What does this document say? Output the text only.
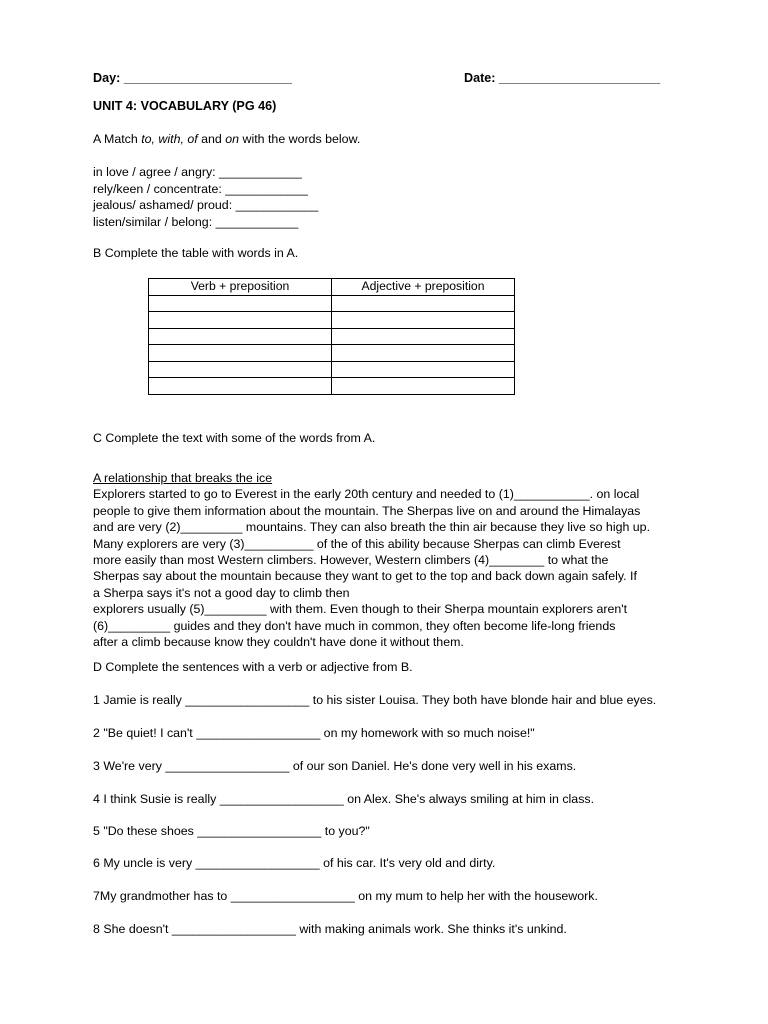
Day: ________________________	Date: _______________________
UNIT 4: VOCABULARY (PG 46)
A Match to, with, of and on with the words below.
in love / agree / angry: ____________
rely/keen / concentrate: ____________
jealous/ ashamed/ proud: ____________
listen/similar / belong: ____________
B Complete the table with words in A.
Verb + preposition	Adjective + preposition

C Complete the text with some of the words from A.
A relationship that breaks the ice
Explorers started to go to Everest in the early 20th century and needed to (1)___________. on local
people to give them information about the mountain. The Sherpas live on and around the Himalayas
and are very (2)_________ mountains. They can also breath the thin air because they live so high up.
Many explorers are very (3)__________ of the of this ability because Sherpas can climb Everest
more easily than most Western climbers. However, Western climbers (4)________ to what the
Sherpas say about the mountain because they want to get to the top and back down again safely. If
a Sherpa says it's not a good day to climb then
explorers usually (5)_________ with them. Even though to their Sherpa mountain explorers aren't
(6)_________ guides and they don't have much in common, they often become life-long friends
after a climb because know they couldn't have done it without them.
D Complete the sentences with a verb or adjective from B.
1 Jamie is really __________________ to his sister Louisa. They both have blonde hair and blue eyes.
2 "Be quiet! I can't __________________ on my homework with so much noise!"
3 We're very __________________ of our son Daniel. He's done very well in his exams.
4 I think Susie is really __________________ on Alex. She's always smiling at him in class.
5 "Do these shoes __________________ to you?"
6 My uncle is very __________________ of his car. It's very old and dirty.
7My grandmother has to __________________ on my mum to help her with the housework.
8 She doesn't __________________ with making animals work. She thinks it's unkind.
